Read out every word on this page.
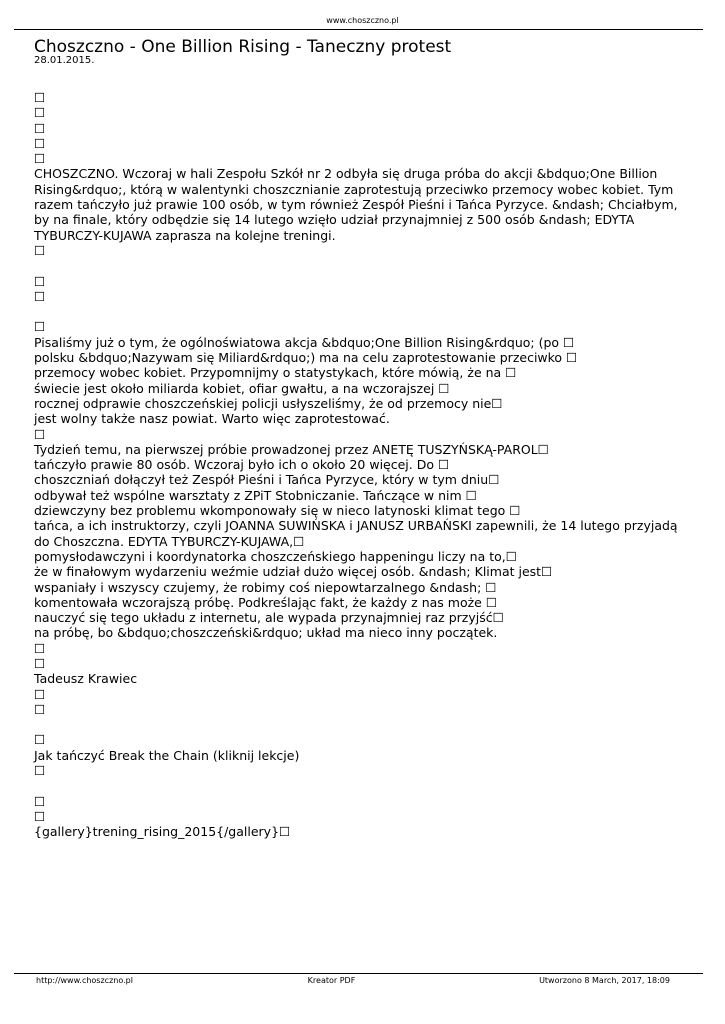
www.choszczno.pl
Choszczno - One Billion Rising - Taneczny protest
28.01.2015.
☐
☐
☐
☐
☐
CHOSZCZNO. Wczoraj w hali Zespołu Szkół nr 2 odbyła się druga próba do akcji &bdquo;One Billion
Rising&rdquo;, którą w walentynki choszcznianie zaprotestują przeciwko przemocy wobec kobiet. Tym
razem tańczyło już prawie 100 osób, w tym również Zespół Pieśni i Tańca Pyrzyce. &ndash; Chciałbym,
by na finale, który odbędzie się 14 lutego wzięło udział przynajmniej z 500 osób &ndash; EDYTA
TYBURCZY-KUJAWA zaprasza na kolejne treningi.
☐
☐
☐
☐
Pisaliśmy już o tym, że ogólnoświatowa akcja &bdquo;One Billion Rising&rdquo; (po ☐
polsku &bdquo;Nazywam się Miliard&rdquo;) ma na celu zaprotestowanie przeciwko ☐
przemocy wobec kobiet. Przypomnijmy o statystykach, które mówią, że na ☐
świecie jest około miliarda kobiet, ofiar gwałtu, a na wczorajszej ☐
rocznej odprawie choszczeńskiej policji usłyszeliśmy, że od przemocy nie☐
jest wolny także nasz powiat. Warto więc zaprotestować.
☐
Tydzień temu, na pierwszej próbie prowadzonej przez ANETĘ TUSZYŃSKĄ-PAROL☐
tańczyło prawie 80 osób. Wczoraj było ich o około 20 więcej. Do ☐
choszczniań dołączył też Zespół Pieśni i Tańca Pyrzyce, który w tym dniu☐
odbywał też wspólne warsztaty z ZPiT Stobniczanie. Tańczące w nim ☐
dziewczyny bez problemu wkomponowały się w nieco latynoski klimat tego ☐
tańca, a ich instruktorzy, czyli JOANNA SUWIŃSKA i JANUSZ URBAŃSKI zapewnili, że 14 lutego przyjadą
do Choszczna. EDYTA TYBURCZY-KUJAWA,☐
pomysłodawczyni i koordynatorka choszczeńskiego happeningu liczy na to,☐
że w finałowym wydarzeniu weźmie udział dużo więcej osób. &ndash; Klimat jest☐
wspaniały i wszyscy czujemy, że robimy coś niepowtarzalnego &ndash; ☐
komentowała wczorajszą próbę. Podkreślając fakt, że każdy z nas może ☐
nauczyć się tego układu z internetu, ale wypada przynajmniej raz przyjść☐
na próbę, bo &bdquo;choszczeński&rdquo; układ ma nieco inny początek.
☐
☐
Tadeusz Krawiec
☐
☐
☐
Jak tańczyć Break the Chain (kliknij lekcje)
☐
☐
☐
{gallery}trening_rising_2015{/gallery}☐
http://www.choszczno.pl	Kreator PDF	Utworzono 8 March, 2017, 18:09
